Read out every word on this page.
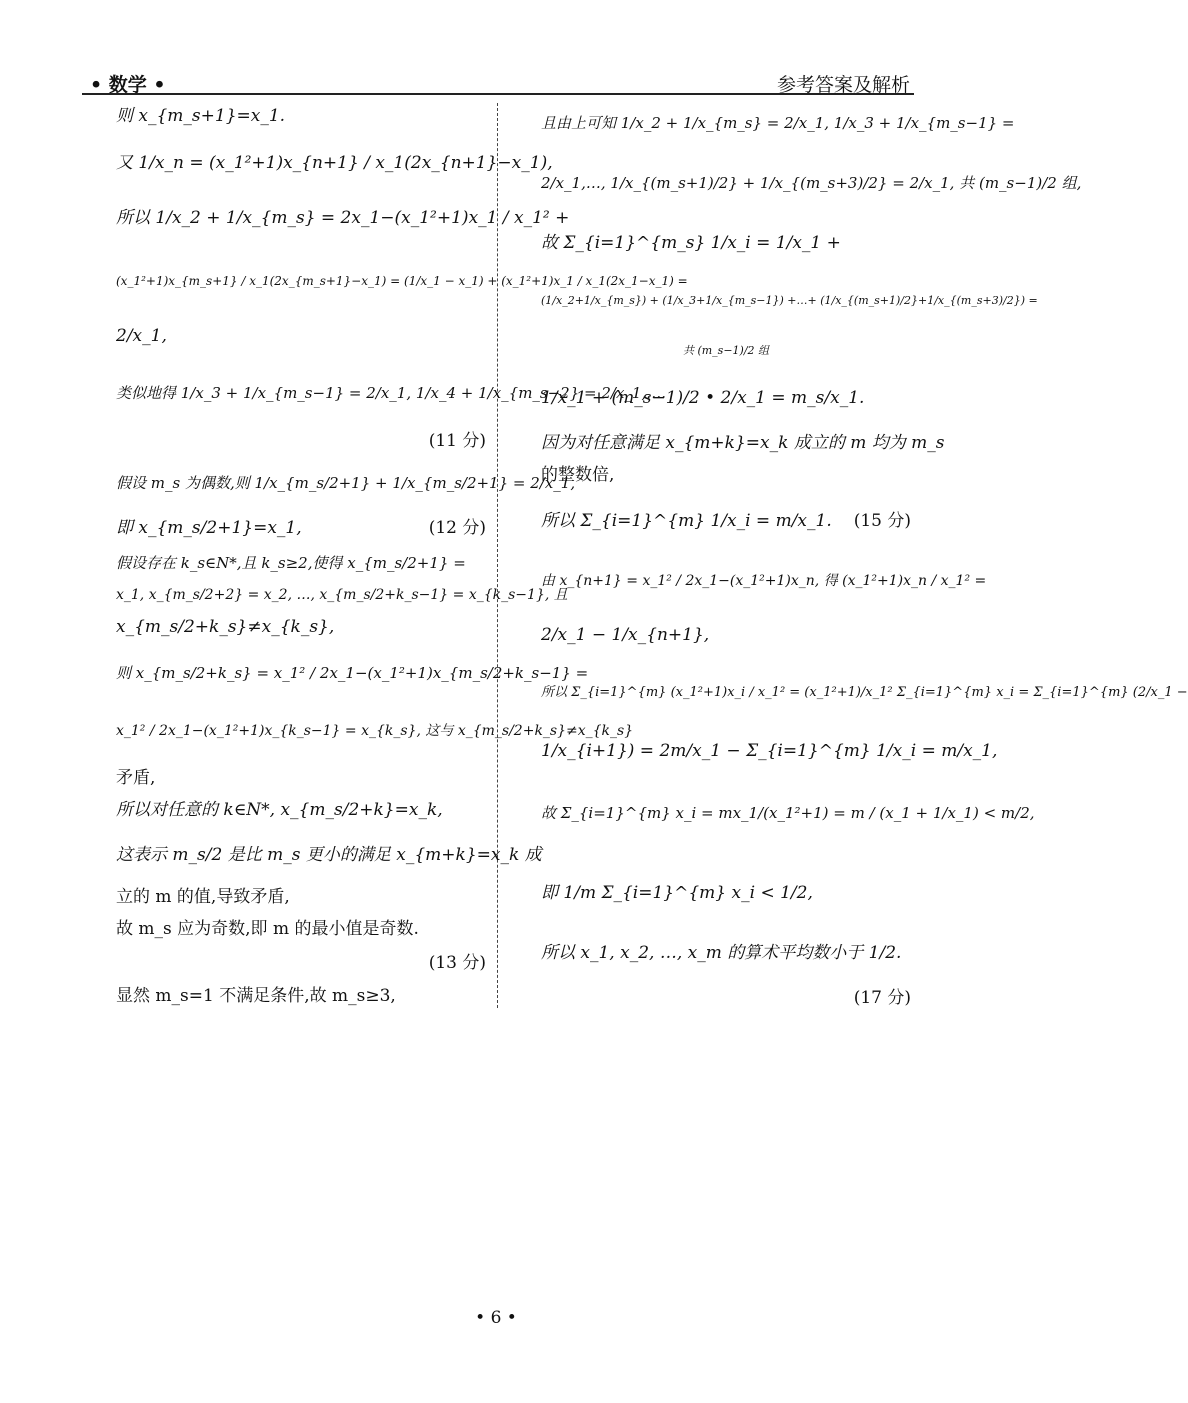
• 数学 •	参考答案及解析
则 x_{m_s+1}=x_1.
又 1/x_n = (x_1²+1)x_{n+1} / x_1(2x_{n+1}−x_1),
所以 1/x_2 + 1/x_{m_s} = 2x_1−(x_1²+1)x_1 / x_1² +
(x_1²+1)x_{m_s+1} / x_1(2x_{m_s+1}−x_1) = (1/x_1 − x_1) + (x_1²+1)x_1 / x_1(2x_1−x_1) =
2/x_1,
类似地得 1/x_3 + 1/x_{m_s−1} = 2/x_1, 1/x_4 + 1/x_{m_s−2} = 2/x_1,….
(11 分)
假设 m_s 为偶数,则 1/x_{m_s/2+1} + 1/x_{m_s/2+1} = 2/x_1,
即 x_{m_s/2+1}=x_1,	(12 分)
假设存在 k_s∈N*,且 k_s≥2,使得 x_{m_s/2+1} =
x_1, x_{m_s/2+2} = x_2, …, x_{m_s/2+k_s−1} = x_{k_s−1}, 且
x_{m_s/2+k_s}≠x_{k_s},
则 x_{m_s/2+k_s} = x_1² / 2x_1−(x_1²+1)x_{m_s/2+k_s−1} =
x_1² / 2x_1−(x_1²+1)x_{k_s−1} = x_{k_s}, 这与 x_{m_s/2+k_s}≠x_{k_s}
矛盾,
所以对任意的 k∈N*, x_{m_s/2+k}=x_k,
这表示 m_s/2 是比 m_s 更小的满足 x_{m+k}=x_k 成
立的 m 的值,导致矛盾,
故 m_s 应为奇数,即 m 的最小值是奇数.
(13 分)
显然 m_s=1 不满足条件,故 m_s≥3,
且由上可知 1/x_2 + 1/x_{m_s} = 2/x_1, 1/x_3 + 1/x_{m_s−1} =
2/x_1,…, 1/x_{(m_s+1)/2} + 1/x_{(m_s+3)/2} = 2/x_1, 共 (m_s−1)/2 组,
故 Σ_{i=1}^{m_s} 1/x_i = 1/x_1 +
(1/x_2+1/x_{m_s}) + (1/x_3+1/x_{m_s−1}) +…+ (1/x_{(m_s+1)/2}+1/x_{(m_s+3)/2}) =
共 (m_s−1)/2 组
1/x_1 + (m_s−1)/2 • 2/x_1 = m_s/x_1.
因为对任意满足 x_{m+k}=x_k 成立的 m 均为 m_s
的整数倍,
所以 Σ_{i=1}^{m} 1/x_i = m/x_1.	(15 分)
由 x_{n+1} = x_1² / 2x_1−(x_1²+1)x_n, 得 (x_1²+1)x_n / x_1² =
2/x_1 − 1/x_{n+1},
所以 Σ_{i=1}^{m} (x_1²+1)x_i / x_1² = (x_1²+1)/x_1² Σ_{i=1}^{m} x_i = Σ_{i=1}^{m} (2/x_1 −
1/x_{i+1}) = 2m/x_1 − Σ_{i=1}^{m} 1/x_i = m/x_1,
故 Σ_{i=1}^{m} x_i = mx_1/(x_1²+1) = m / (x_1 + 1/x_1) < m/2,
即 1/m Σ_{i=1}^{m} x_i < 1/2,
所以 x_1, x_2, …, x_m 的算术平均数小于 1/2.
(17 分)
• 6 •
